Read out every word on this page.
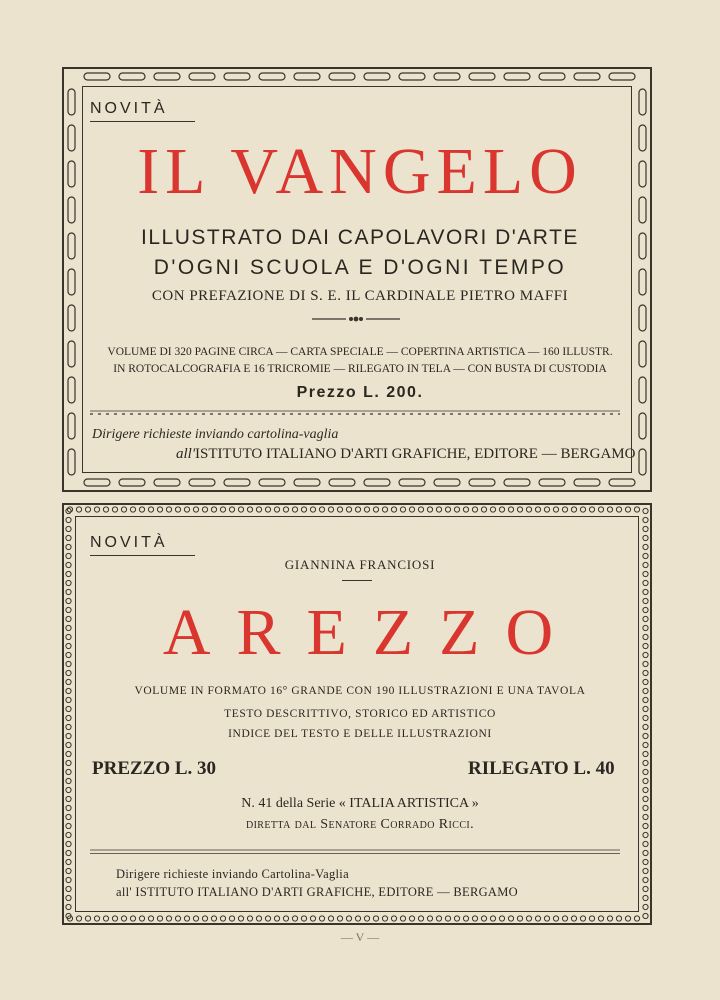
NOVITÀ
IL VANGELO
ILLUSTRATO DAI CAPOLAVORI D'ARTE
D'OGNI SCUOLA E D'OGNI TEMPO
CON PREFAZIONE DI S. E. IL CARDINALE PIETRO MAFFI
VOLUME DI 320 PAGINE CIRCA — CARTA SPECIALE — COPERTINA ARTISTICA — 160 ILLUSTR.
IN ROTOCALCOGRAFIA E 16 TRICROMIE — RILEGATO IN TELA — CON BUSTA DI CUSTODIA
Prezzo L. 200.
Dirigere richieste inviando cartolina-vaglia
all'ISTITUTO ITALIANO D'ARTI GRAFICHE, EDITORE — BERGAMO
NOVITÀ
GIANNINA FRANCIOSI
AREZZO
VOLUME IN FORMATO 16° GRANDE CON 190 ILLUSTRAZIONI E UNA TAVOLA
TESTO DESCRITTIVO, STORICO ED ARTISTICO
INDICE DEL TESTO E DELLE ILLUSTRAZIONI
PREZZO L. 30	RILEGATO L. 40
N. 41 della Serie « ITALIA ARTISTICA »
diretta dal Senatore Corrado Ricci.
Dirigere richieste inviando Cartolina-Vaglia
all' ISTITUTO ITALIANO D'ARTI GRAFICHE, EDITORE — BERGAMO
— V —
